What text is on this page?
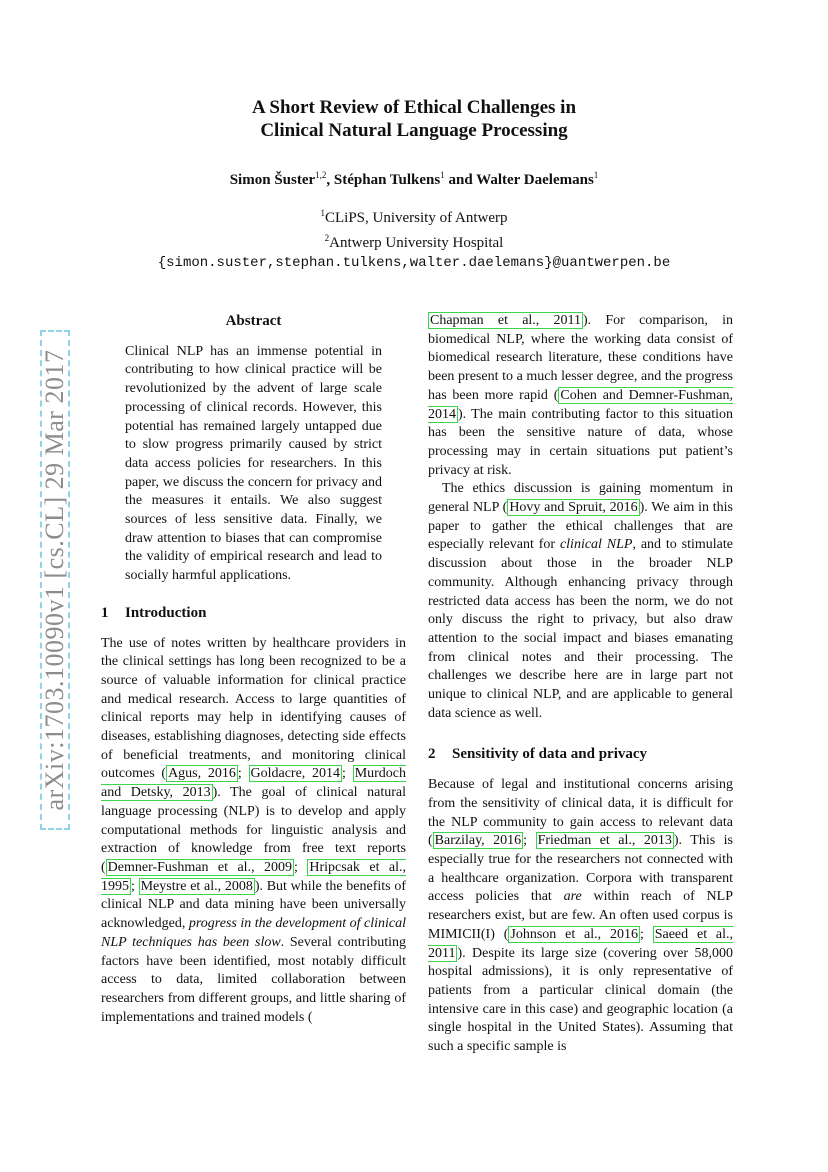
arXiv:1703.10090v1 [cs.CL] 29 Mar 2017
A Short Review of Ethical Challenges in
Clinical Natural Language Processing
Simon Šuster$^{1,2}$, Stéphan Tulkens$^1$ and Walter Daelemans$^1$
$^1$CLiPS, University of Antwerp
$^2$Antwerp University Hospital
{simon.suster,stephan.tulkens,walter.daelemans}@uantwerpen.be
Abstract

Clinical NLP has an immense potential in contributing to how clinical practice will be revolutionized by the advent of large scale processing of clinical records. However, this potential has remained largely untapped due to slow progress primarily caused by strict data access policies for researchers. In this paper, we discuss the concern for privacy and the measures it entails. We also suggest sources of less sensitive data. Finally, we draw attention to biases that can compromise the validity of empirical research and lead to socially harmful applications.

1 Introduction

The use of notes written by healthcare providers in the clinical settings has long been recognized to be a source of valuable information for clinical practice and medical research. Access to large quantities of clinical reports may help in identifying causes of diseases, establishing diagnoses, detecting side effects of beneficial treatments, and monitoring clinical outcomes ( Agus, 2016 ; Goldacre, 2014 ; Murdoch and Detsky, 2013 ). The goal of clinical natural language processing (NLP) is to develop and apply computational methods for linguistic analysis and extraction of knowledge from free text reports ( Demner-Fushman et al., 2009 ; Hripcsak et al., 1995 ; Meystre et al., 2008 ). But while the benefits of clinical NLP and data mining have been universally acknowledged, progress in the development of clinical NLP techniques has been slow. Several contributing factors have been identified, most notably difficult access to data, limited collaboration between researchers from different groups, and little sharing of implementations and trained models (

Chapman et al., 2011 ). For comparison, in biomedical NLP, where the working data consist of biomedical research literature, these conditions have been present to a much lesser degree, and the progress has been more rapid ( Cohen and Demner-Fushman, 2014 ). The main contributing factor to this situation has been the sensitive nature of data, whose processing may in certain situations put patient’s privacy at risk.

The ethics discussion is gaining momentum in general NLP ( Hovy and Spruit, 2016 ). We aim in this paper to gather the ethical challenges that are especially relevant for clinical NLP, and to stimulate discussion about those in the broader NLP community. Although enhancing privacy through restricted data access has been the norm, we do not only discuss the right to privacy, but also draw attention to the social impact and biases emanating from clinical notes and their processing. The challenges we describe here are in large part not unique to clinical NLP, and are applicable to general data science as well.

2 Sensitivity of data and privacy

Because of legal and institutional concerns arising from the sensitivity of clinical data, it is difficult for the NLP community to gain access to relevant data ( Barzilay, 2016 ; Friedman et al., 2013 ). This is especially true for the researchers not connected with a healthcare organization. Corpora with transparent access policies that are within reach of NLP researchers exist, but are few. An often used corpus is MIMICII(I) ( Johnson et al., 2016 ; Saeed et al., 2011 ). Despite its large size (covering over 58,000 hospital admissions), it is only representative of patients from a particular clinical domain (the intensive care in this case) and geographic location (a single hospital in the United States). Assuming that such a specific sample is
